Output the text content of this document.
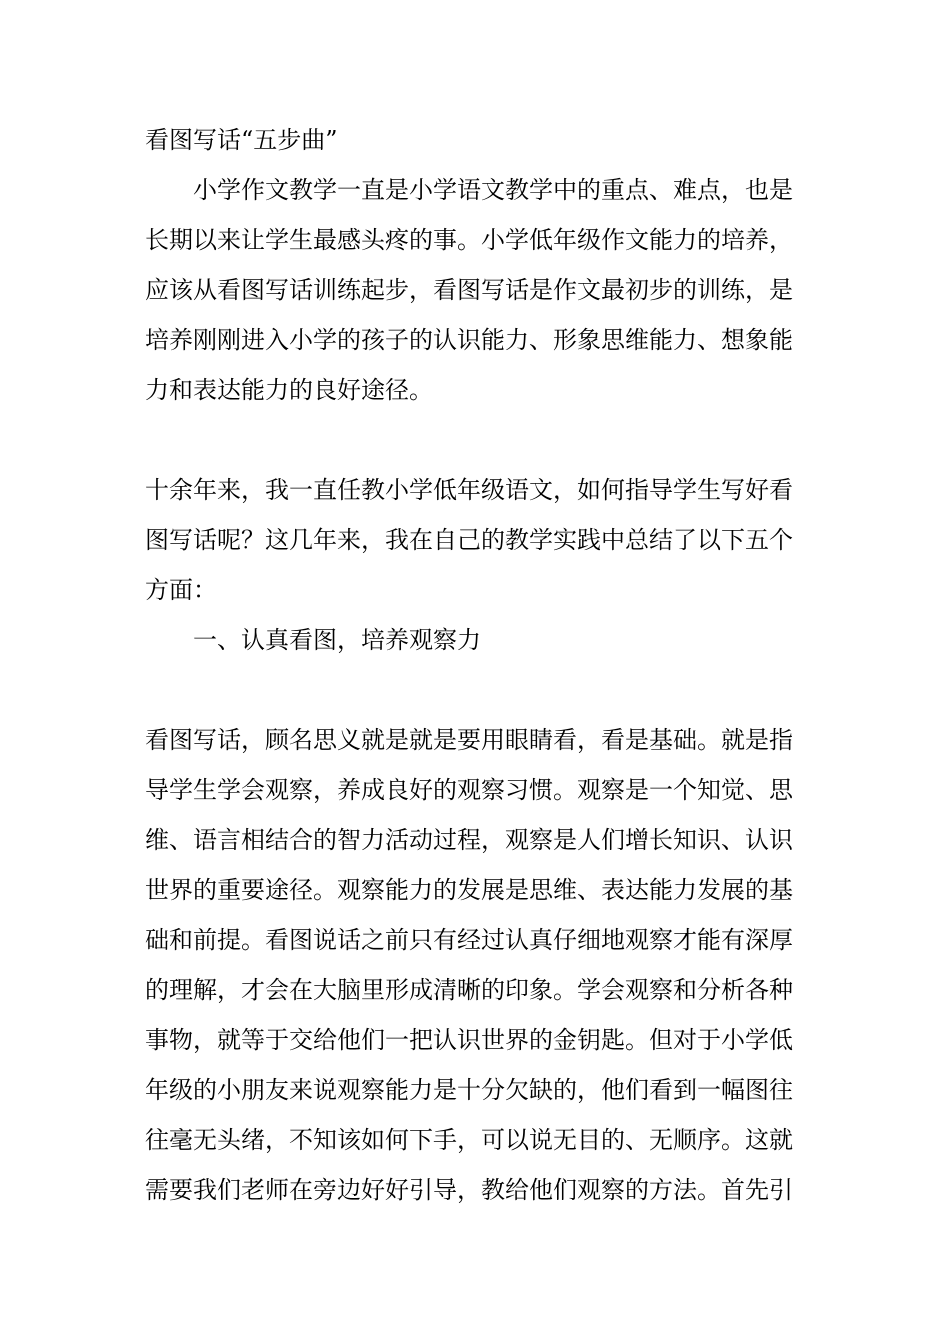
看图写话“五步曲”
小学作文教学一直是小学语文教学中的重点、难点，也是
长期以来让学生最感头疼的事。小学低年级作文能力的培养，
应该从看图写话训练起步，看图写话是作文最初步的训练，是
培养刚刚进入小学的孩子的认识能力、形象思维能力、想象能
力和表达能力的良好途径。
十余年来，我一直任教小学低年级语文，如何指导学生写好看
图写话呢？这几年来，我在自己的教学实践中总结了以下五个
方面：
一、认真看图，培养观察力
看图写话，顾名思义就是就是要用眼睛看，看是基础。就是指
导学生学会观察，养成良好的观察习惯。观察是一个知觉、思
维、语言相结合的智力活动过程，观察是人们增长知识、认识
世界的重要途径。观察能力的发展是思维、表达能力发展的基
础和前提。看图说话之前只有经过认真仔细地观察才能有深厚
的理解，才会在大脑里形成清晰的印象。学会观察和分析各种
事物，就等于交给他们一把认识世界的金钥匙。但对于小学低
年级的小朋友来说观察能力是十分欠缺的，他们看到一幅图往
往毫无头绪，不知该如何下手，可以说无目的、无顺序。这就
需要我们老师在旁边好好引导，教给他们观察的方法。首先引
